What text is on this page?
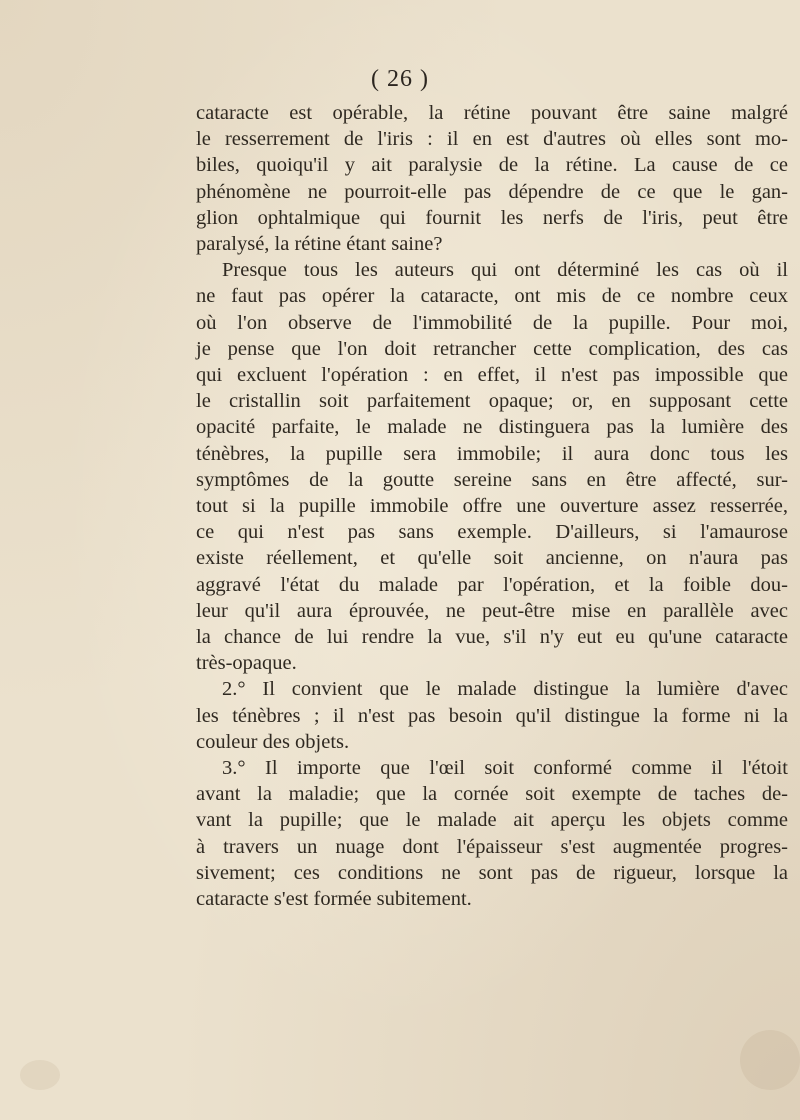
( 26 )

cataracte est opérable, la rétine pouvant être saine malgré
le resserrement de l'iris : il en est d'autres où elles sont mo-
biles, quoiqu'il y ait paralysie de la rétine. La cause de ce
phénomène ne pourroit-elle pas dépendre de ce que le gan-
glion ophtalmique qui fournit les nerfs de l'iris, peut être
paralysé, la rétine étant saine?
Presque tous les auteurs qui ont déterminé les cas où il
ne faut pas opérer la cataracte, ont mis de ce nombre ceux
où l'on observe de l'immobilité de la pupille. Pour moi,
je pense que l'on doit retrancher cette complication, des cas
qui excluent l'opération : en effet, il n'est pas impossible que
le cristallin soit parfaitement opaque; or, en supposant cette
opacité parfaite, le malade ne distinguera pas la lumière des
ténèbres, la pupille sera immobile; il aura donc tous les
symptômes de la goutte sereine sans en être affecté, sur-
tout si la pupille immobile offre une ouverture assez resserrée,
ce qui n'est pas sans exemple. D'ailleurs, si l'amaurose
existe réellement, et qu'elle soit ancienne, on n'aura pas
aggravé l'état du malade par l'opération, et la foible dou-
leur qu'il aura éprouvée, ne peut-être mise en parallèle avec
la chance de lui rendre la vue, s'il n'y eut eu qu'une cataracte
très-opaque.
2.° Il convient que le malade distingue la lumière d'avec
les ténèbres ; il n'est pas besoin qu'il distingue la forme ni la
couleur des objets.
3.° Il importe que l'œil soit conformé comme il l'étoit
avant la maladie; que la cornée soit exempte de taches de-
vant la pupille; que le malade ait aperçu les objets comme
à travers un nuage dont l'épaisseur s'est augmentée progres-
sivement; ces conditions ne sont pas de rigueur, lorsque la
cataracte s'est formée subitement.
